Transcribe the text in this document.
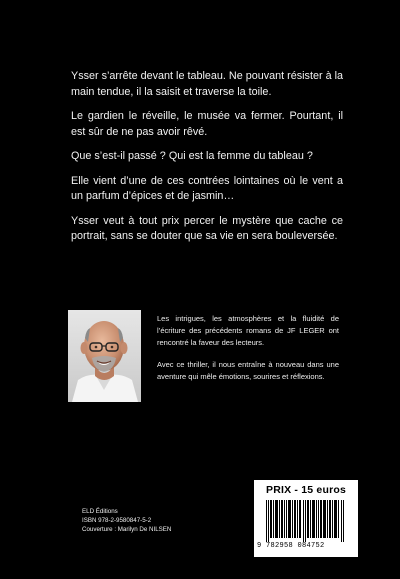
Ysser s’arrête devant le tableau. Ne pouvant résister à la main tendue, il la saisit et traverse la toile.

Le gardien le réveille, le musée va fermer. Pourtant, il est sûr de ne pas avoir rêvé.

Que s’est-il passé ? Qui est la femme du tableau ?

Elle vient d’une de ces contrées lointaines où le vent a un parfum d’épices et de jasmin…

Ysser veut à tout prix percer le mystère que cache ce portrait, sans se douter que sa vie en sera bouleversée.

Les intrigues, les atmosphères et la fluidité de l’écriture des précédents romans de JF LEGER ont rencontré la faveur des lecteurs.

Avec ce thriller, il nous entraîne à nouveau dans une aventure qui mêle émotions, sourires et réflexions.

ELD Éditions
ISBN 978-2-9580847-5-2
Couverture : Marilyn De NILSEN
PRIX - 15 euros
9 782958 084752
